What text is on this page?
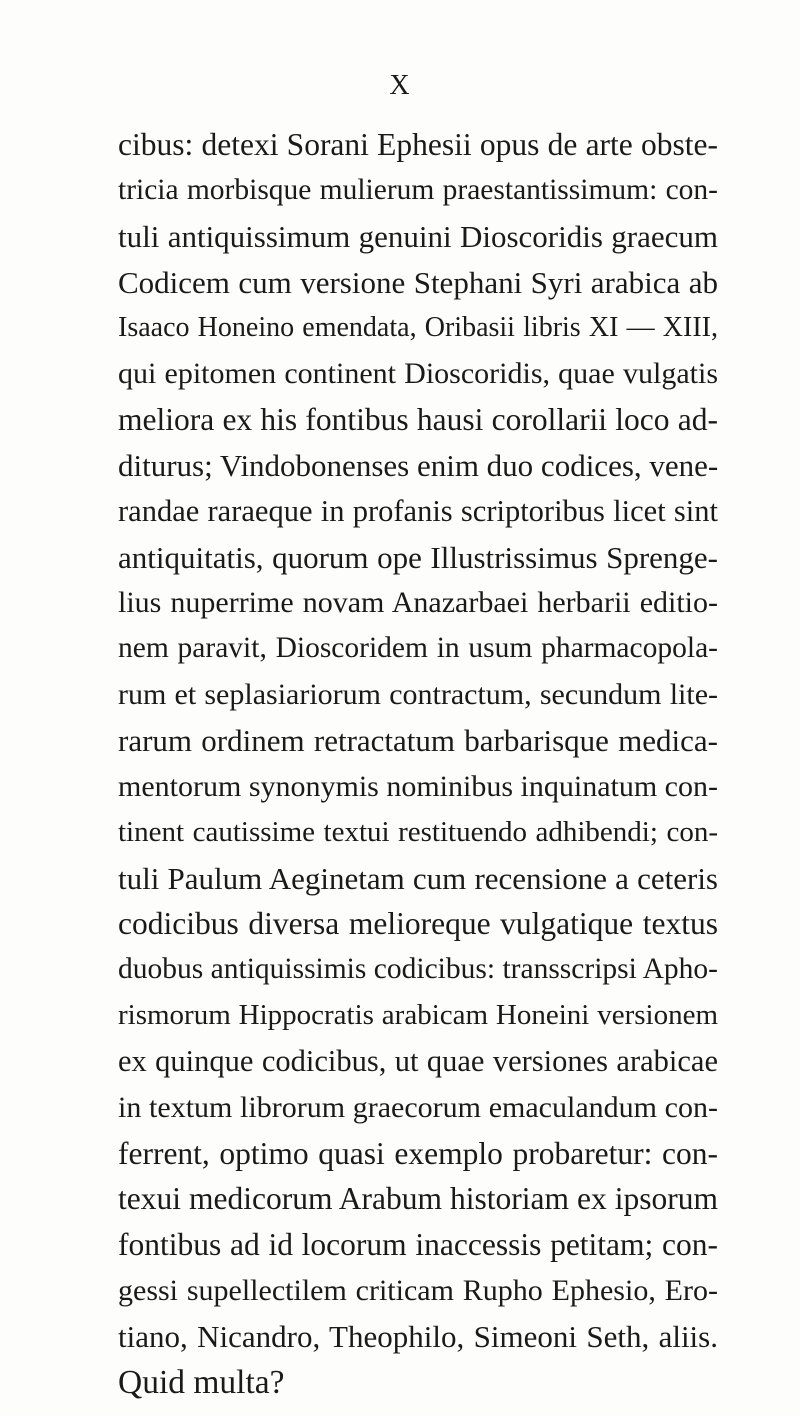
X
cibus: detexi Sorani Ephesii opus de arte obste-
tricia morbisque mulierum praestantissimum: con-
tuli antiquissimum genuini Dioscoridis graecum
Codicem cum versione Stephani Syri arabica ab
Isaaco Honeino emendata, Oribasii libris XI — XIII,
qui epitomen continent Dioscoridis, quae vulgatis
meliora ex his fontibus hausi corollarii loco ad-
diturus; Vindobonenses enim duo codices, vene-
randae raraeque in profanis scriptoribus licet sint
antiquitatis, quorum ope Illustrissimus Sprenge-
lius nuperrime novam Anazarbaei herbarii editio-
nem paravit, Dioscoridem in usum pharmacopola-
rum et seplasiariorum contractum, secundum lite-
rarum ordinem retractatum barbarisque medica-
mentorum synonymis nominibus inquinatum con-
tinent cautissime textui restituendo adhibendi; con-
tuli Paulum Aeginetam cum recensione a ceteris
codicibus diversa melioreque vulgatique textus
duobus antiquissimis codicibus: transscripsi Apho-
rismorum Hippocratis arabicam Honeini versionem
ex quinque codicibus, ut quae versiones arabicae
in textum librorum graecorum emaculandum con-
ferrent, optimo quasi exemplo probaretur: con-
texui medicorum Arabum historiam ex ipsorum
fontibus ad id locorum inaccessis petitam; con-
gessi supellectilem criticam Rupho Ephesio, Ero-
tiano, Nicandro, Theophilo, Simeoni Seth, aliis.
Quid multa?
